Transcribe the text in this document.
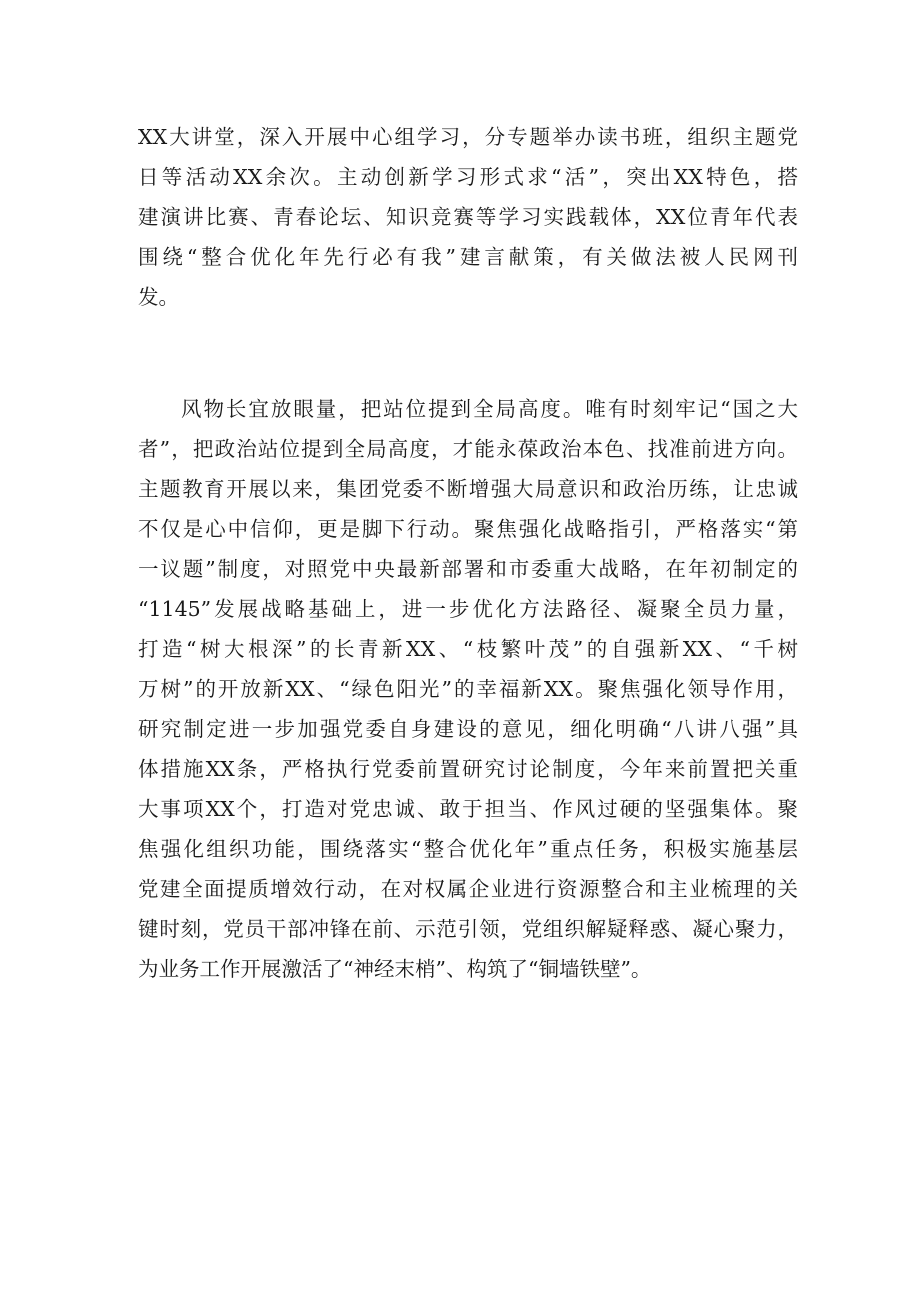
XX大讲堂，深入开展中心组学习，分专题举办读书班，组织主题党
日等活动XX余次。主动创新学习形式求“活”，突出XX特色，搭
建演讲比赛、青春论坛、知识竞赛等学习实践载体，XX位青年代表
围绕“整合优化年先行必有我”建言献策，有关做法被人民网刊
发。
风物长宜放眼量，把站位提到全局高度。唯有时刻牢记“国之大
者”，把政治站位提到全局高度，才能永葆政治本色、找准前进方向。
主题教育开展以来，集团党委不断增强大局意识和政治历练，让忠诚
不仅是心中信仰，更是脚下行动。聚焦强化战略指引，严格落实“第
一议题”制度，对照党中央最新部署和市委重大战略，在年初制定的
“1145”发展战略基础上，进一步优化方法路径、凝聚全员力量，
打造“树大根深”的长青新XX、“枝繁叶茂”的自强新XX、“千树
万树”的开放新XX、“绿色阳光”的幸福新XX。聚焦强化领导作用，
研究制定进一步加强党委自身建设的意见，细化明确“八讲八强”具
体措施XX条，严格执行党委前置研究讨论制度，今年来前置把关重
大事项XX个，打造对党忠诚、敢于担当、作风过硬的坚强集体。聚
焦强化组织功能，围绕落实“整合优化年”重点任务，积极实施基层
党建全面提质增效行动，在对权属企业进行资源整合和主业梳理的关
键时刻，党员干部冲锋在前、示范引领，党组织解疑释惑、凝心聚力，
为业务工作开展激活了“神经末梢”、构筑了“铜墙铁壁”。
